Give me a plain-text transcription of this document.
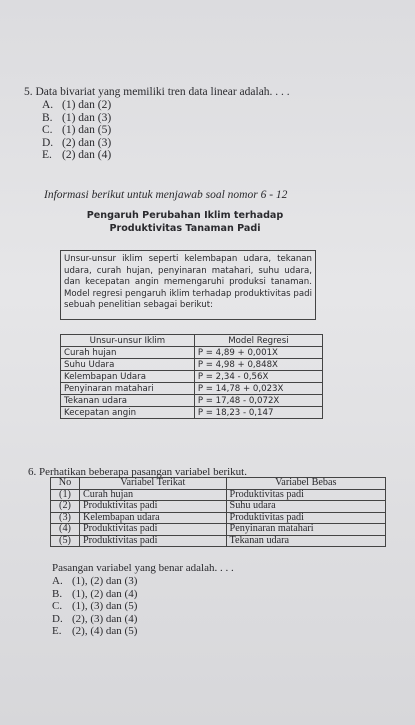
5. Data bivariat yang memiliki tren data linear adalah. . . .
A. (1) dan (2)
B. (1) dan (3)
C. (1) dan (5)
D. (2) dan (3)
E. (2) dan (4)
Informasi berikut untuk menjawab soal nomor 6 - 12
Pengaruh Perubahan Iklim terhadap
Produktivitas Tanaman Padi
Unsur-unsur iklim seperti kelembapan udara, tekanan udara, curah hujan, penyinaran matahari, suhu udara, dan kecepatan angin memengaruhi produksi tanaman. Model regresi pengaruh iklim terhadap produktivitas padi sebuah penelitian sebagai berikut:
Unsur-unsur Iklim	Model Regresi
Curah hujan	P = 4,89 + 0,001X
Suhu Udara	P = 4,98 + 0,848X
Kelembapan Udara	P = 2,34 - 0,56X
Penyinaran matahari	P = 14,78 + 0,023X
Tekanan udara	P = 17,48 - 0,072X
Kecepatan angin	P = 18,23 - 0,147
6. Perhatikan beberapa pasangan variabel berikut.
No	Variabel Terikat	Variabel Bebas
(1)	Curah hujan	Produktivitas padi
(2)	Produktivitas padi	Suhu udara
(3)	Kelembapan udara	Produktivitas padi
(4)	Produktivitas padi	Penyinaran matahari
(5)	Produktivitas padi	Tekanan udara
Pasangan variabel yang benar adalah. . . .
A. (1), (2) dan (3)
B. (1), (2) dan (4)
C. (1), (3) dan (5)
D. (2), (3) dan (4)
E. (2), (4) dan (5)
